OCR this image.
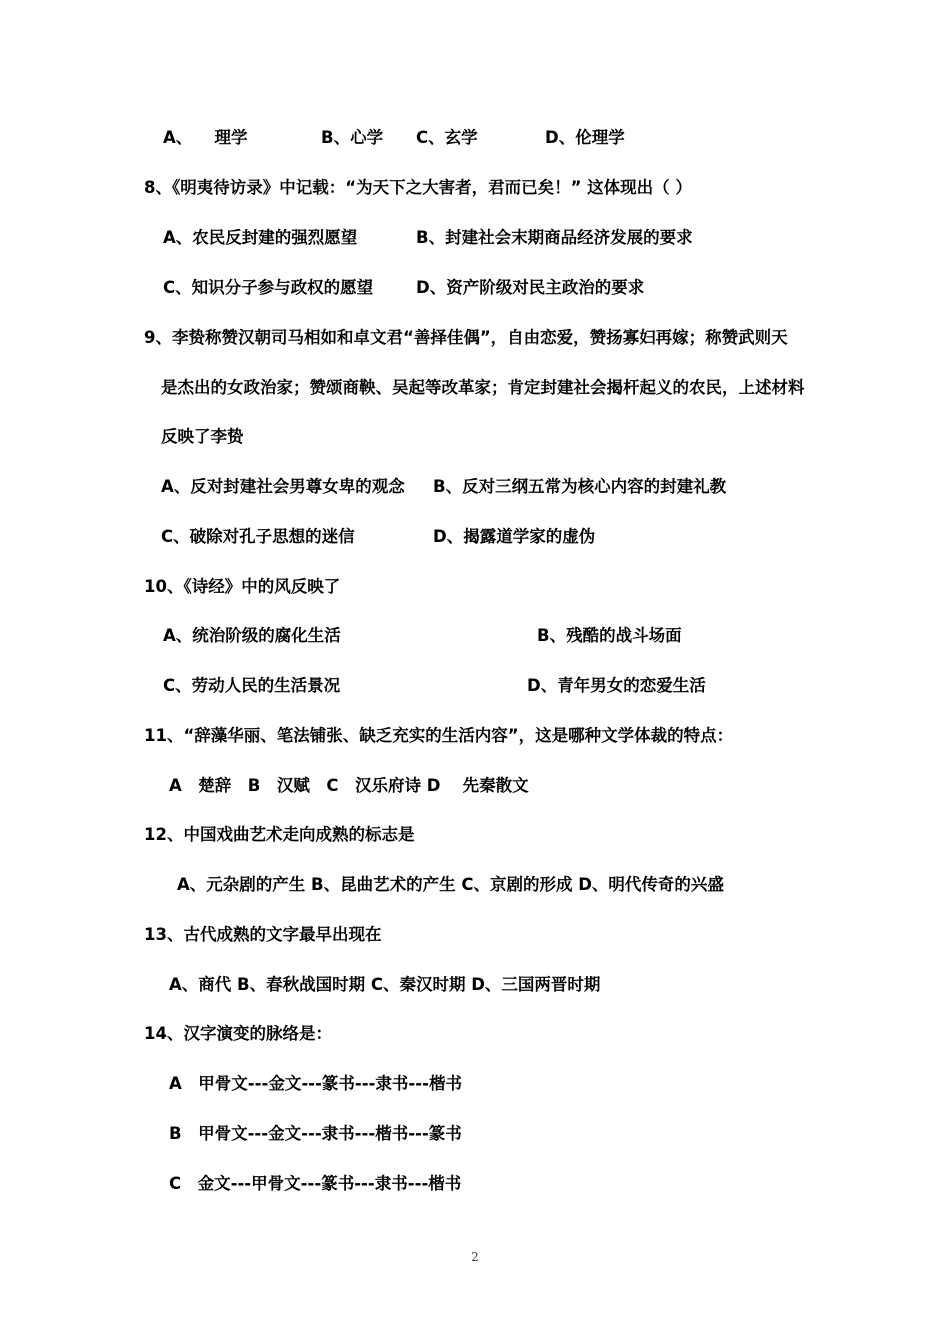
A、 　理学	B、心学 C、玄学	D、伦理学
8、《明夷待访录》中记载：“为天下之大害者，君而已矣！” 这体现出（ ）
A、农民反封建的强烈愿望	B、封建社会末期商品经济发展的要求
C、知识分子参与政权的愿望	D、资产阶级对民主政治的要求
9、李贽称赞汉朝司马相如和卓文君“善择佳偶”，自由恋爱，赞扬寡妇再嫁；称赞武则天
是杰出的女政治家；赞颂商鞅、吴起等改革家；肯定封建社会揭杆起义的农民，上述材料
反映了李贽
A、反对封建社会男尊女卑的观念 B、反对三纲五常为核心内容的封建礼教
C、破除对孔子思想的迷信	D、揭露道学家的虚伪
10、《诗经》中的风反映了
A、统治阶级的腐化生活	B、残酷的战斗场面
C、劳动人民的生活景况	D、青年男女的恋爱生活
11、“辞藻华丽、笔法铺张、缺乏充实的生活内容”，这是哪种文学体裁的特点：
A　楚辞　B　汉赋　C　汉乐府诗 D　 先秦散文
12、中国戏曲艺术走向成熟的标志是
A、元杂剧的产生 B、昆曲艺术的产生 C、京剧的形成 D、明代传奇的兴盛
13、古代成熟的文字最早出现在
A、商代 B、春秋战国时期 C、秦汉时期 D、三国两晋时期
14、汉字演变的脉络是：
A　甲骨文---金文---篆书---隶书---楷书
B　甲骨文---金文---隶书---楷书---篆书
C　金文---甲骨文---篆书---隶书---楷书
2
